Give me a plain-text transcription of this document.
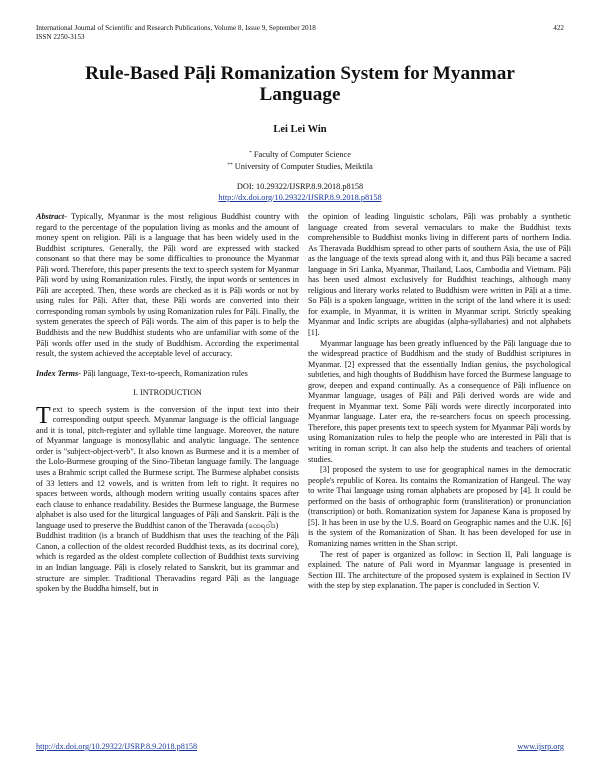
International Journal of Scientific and Research Publications, Volume 8, Issue 9, September 2018
ISSN 2250-3153
422
Rule-Based Pāḷi Romanization System for Myanmar Language
Lei Lei Win
* Faculty of Computer Science
** University of Computer Studies, Meiktila
DOI: 10.29322/IJSRP.8.9.2018.p8158
http://dx.doi.org/10.29322/IJSRP.8.9.2018.p8158

Abstract- Typically, Myanmar is the most religious Buddhist country with regard to the percentage of the population living as monks and the amount of money spent on religion. Pāḷi is a language that has been widely used in the Buddhist scriptures. Generally, the Pāḷi word are expressed with stacked consonant so that there may be some difficulties to pronounce the Myanmar Pāḷi word. Therefore, this paper presents the text to speech system for Myanmar Pāḷi word by using Romanization rules. Firstly, the input words or sentences in Pāḷi are accepted. Then, these words are checked as it is Pāḷi words or not by using rules for Pāḷi. After that, these Pāḷi words are converted into their corresponding roman symbols by using Romanization rules for Pāḷi. Finally, the system generates the speech of Pāḷi words. The aim of this paper is to help the Buddhists and the new Buddhist students who are unfamiliar with some of the Pāḷi words offer used in the study of Buddhism. According the experimental result, the system achieved the acceptable level of accuracy.

Index Terms- Pāḷi language, Text-to-speech, Romanization rules

I. INTRODUCTION

Text to speech system is the conversion of the input text into their corresponding output speech. Myanmar language is the official language and it is tonal, pitch-register and syllable time language. Moreover, the nature of Myanmar language is monosyllabic and analytic language. The sentence order is "subject-object-verb". It also known as Burmese and it is a member of the Lolo-Burmese grouping of the Sino-Tibetan language family. The language uses a Brahmic script called the Burmese script. The Burmese alphabet consists of 33 letters and 12 vowels, and is written from left to right. It requires no spaces between words, although modern writing usually contains spaces after each clause to enhance readability. Besides the Burmese language, the Burmese alphabet is also used for the liturgical languages of Pāḷi and Sanskrit. Pāḷi is the language used to preserve the Buddhist canon of the Theravada (ထေရဝါဒ)

Buddhist tradition (is a branch of Buddhism that uses the teaching of the Pāḷi Canon, a collection of the oldest recorded Buddhist texts, as its doctrinal core), which is regarded as the oldest complete collection of Buddhist texts surviving in an Indian language. Pāḷi is closely related to Sanskrit, but its grammar and structure are simpler. Traditional Theravadins regard Pāḷi as the language spoken by the Buddha himself, but in

the opinion of leading linguistic scholars, Pāḷi was probably a synthetic language created from several vernaculars to make the Buddhist texts comprehensible to Buddhist monks living in different parts of northern India. As Theravada Buddhism spread to other parts of southern Asia, the use of Pāḷi as the language of the texts spread along with it, and thus Pāḷi became a sacred language in Sri Lanka, Myanmar, Thailand, Laos, Cambodia and Vietnam. Pāḷi has been used almost exclusively for Buddhist teachings, although many religious and literary works related to Buddhism were written in Pāḷi at a time. So Pāḷi is a spoken language, written in the script of the land where it is used: for example, in Myanmar, it is written in Myanmar script. Strictly speaking Myanmar and Indic scripts are abugidas (alpha-syllabaries) and not alphabets [1].

Myanmar language has been greatly influenced by the Pāḷi language due to the widespread practice of Buddhism and the study of Buddhist scriptures in Myanmar. [2] expressed that the essentially Indian genius, the psychological subtleties, and high thoughts of Buddhism have forced the Burmese language to grow, deepen and expand continually. As a consequence of Pāḷi influence on Myanmar language, usages of Pāḷi and Pāḷi derived words are wide and frequent in Myanmar text. Some Pāḷi words were directly incorporated into Myanmar language. Later era, the re-searchers focus on speech processing. Therefore, this paper presents text to speech system for Myanmar Pāḷi words by using Romanization rules to help the people who are interested in Pāḷi that is writing in roman script. It can also help the students and teachers of oriental studies.

[3] proposed the system to use for geographical names in the democratic people's republic of Korea. Its contains the Romanization of Hangeul. The way to write Thai language using roman alphabets are proposed by [4]. It could be performed on the basis of orthographic form (transliteration) or pronunciation (transcription) or both. Romanization system for Japanese Kana is proposed by [5]. It has been in use by the U.S. Board on Geographic names and the U.K. [6] is the system of the Romanization of Shan. It has been developed for use in Romanizing names written in the Shan script.

The rest of paper is organized as follow: in Section II, Pali language is explained. The nature of Pali word in Myanmar language is presented in Section III. The architecture of the proposed system is explained in Section IV with the step by step explanation. The paper is concluded in Section V.

http://dx.doi.org/10.29322/IJSRP.8.9.2018.p8158	www.ijsrp.org
